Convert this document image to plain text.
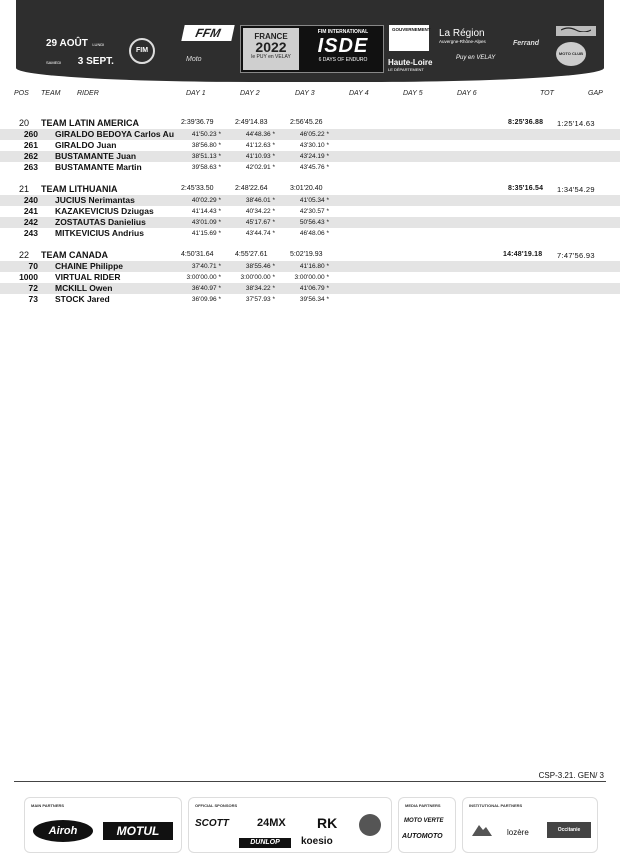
29 AOÛT LUNDI
SAMEDI 3 SEPT.
FIM
FFM
Moto
FRANCE
2022
le PUY en VELAY
FIM INTERNATIONAL
ISDE
6 DAYS OF ENDURO
GOUVERNEMENT La Région
Auvergne-Rhône-Alpes
Haute-Loire
LE DÉPARTEMENT
Puy en VELAY
Ferrand
MOTO CLUB
POS TEAM RIDER	DAY 1	DAY 2	DAY 3	DAY 4	DAY 5	DAY 6	TOT	GAP
20 TEAM LATIN AMERICA	2:39'36.79	2:49'14.83	2:56'45.26	8:25'36.88 1:25'14.63
260 GIRALDO BEDOYA Carlos Au	41'50.23 *	44'48.36 *	46'05.22 *
261 GIRALDO Juan	38'56.80 *	41'12.63 *	43'30.10 *
262 BUSTAMANTE Juan	38'51.13 *	41'10.93 *	43'24.19 *
263 BUSTAMANTE Martin	39'58.63 *	42'02.91 *	43'45.76 *
21 TEAM LITHUANIA	2:45'33.50	2:48'22.64	3:01'20.40	8:35'16.54 1:34'54.29
240 JUCIUS Nerimantas	40'02.29 *	38'46.01 *	41'05.34 *
241 KAZAKEVICIUS Dziugas	41'14.43 *	40'34.22 *	42'30.57 *
242 ZOSTAUTAS Danielius	43'01.09 *	45'17.67 *	50'56.43 *
243 MITKEVICIUS Andrius	41'15.69 *	43'44.74 *	46'48.06 *
22 TEAM CANADA	4:50'31.64	4:55'27.61	5:02'19.93	14:48'19.18 7:47'56.93
70 CHAINE Philippe	37'40.71 *	38'55.46 *	41'16.80 *
1000 VIRTUAL RIDER	3:00'00.00 *	3:00'00.00 *	3:00'00.00 *
72 MCKILL Owen	36'40.97 *	38'34.22 *	41'06.79 *
73 STOCK Jared	36'09.96 *	37'57.93 *	39'56.34 *
CSP-3.21. GEN/ 3
MAIN PARTNERS
Airoh	MOTUL
OFFICIAL SPONSORS
SCOTT	24MX RK
DUNLOP	koesio
MEDIA PARTNERS
MOTO VERTE
AUTOMOTO
INSTITUTIONAL PARTNERS
lozère	Occitanie
